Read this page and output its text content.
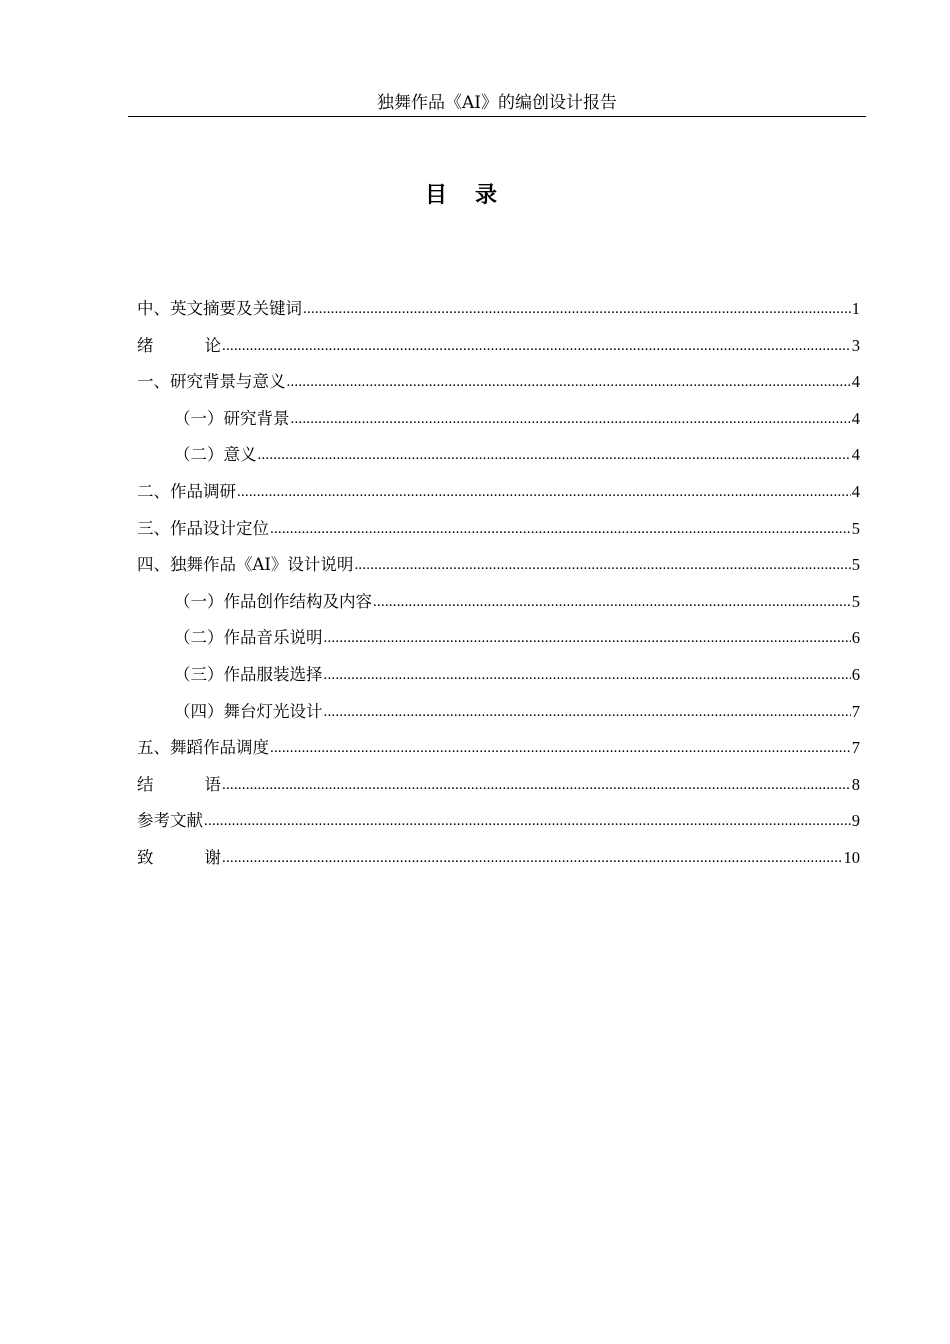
独舞作品《AI》的编创设计报告
目录
中、英文摘要及关键词 .....	1
绪论 .....	3
一、研究背景与意义 .....	4
（一）研究背景 .....	4
（二）意义 .....	4
二、作品调研 .....	4
三、作品设计定位 .....	5
四、独舞作品《AI》设计说明 .....	5
（一）作品创作结构及内容 .....	5
（二）作品音乐说明 .....	6
（三）作品服装选择 .....	6
（四）舞台灯光设计 .....	7
五、舞蹈作品调度 .....	7
结语 .....	8
参考文献 .....	9
致谢 .....	10
